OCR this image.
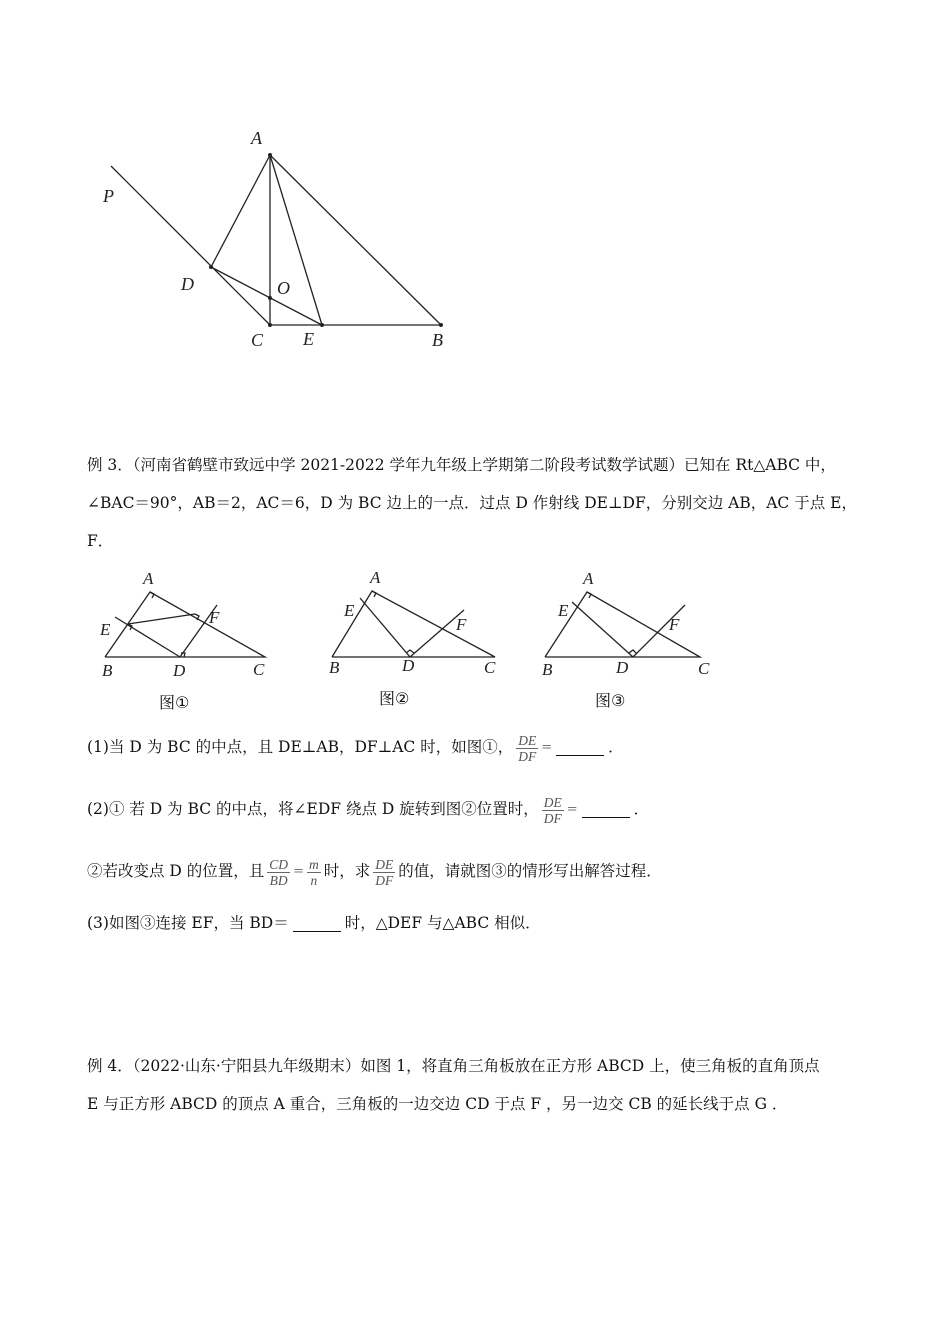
A
P
D	O
C E	B
例 3．（河南省鹤壁市致远中学 2021-2022 学年九年级上学期第二阶段考试数学试题）已知在 Rt△ABC 中，
∠BAC＝90°，AB＝2，AC＝6，D 为 BC 边上的一点．过点 D 作射线 DE⊥DF，分别交边 AB，AC 于点 E，
F．
A
E
F
B	D	C
图①
A
E
F
B	D	C
图②
A
E
F
B	D	C
图③
(1)当 D 为 BC 的中点，且 DE⊥AB，DF⊥AC 时，如图①， $\frac{DE}{DF}$ =	．
(2)① 若 D 为 BC 的中点，将∠EDF 绕点 D 旋转到图②位置时， $\frac{DE}{DF}$ =	．
②若改变点 D 的位置，且 $\frac{CD}{BD} = \frac{m}{n}$ 时，求 $\frac{DE}{DF}$ 的值，请就图③的情形写出解答过程．
(3)如图③连接 EF，当 BD＝	时，△DEF 与△ABC 相似．
例 4．（2022·山东·宁阳县九年级期末）如图 1，将直角三角板放在正方形 ABCD 上，使三角板的直角顶点
E 与正方形 ABCD 的顶点 A 重合，三角板的一边交边 CD 于点 F ，另一边交 CB 的延长线于点 G ．
